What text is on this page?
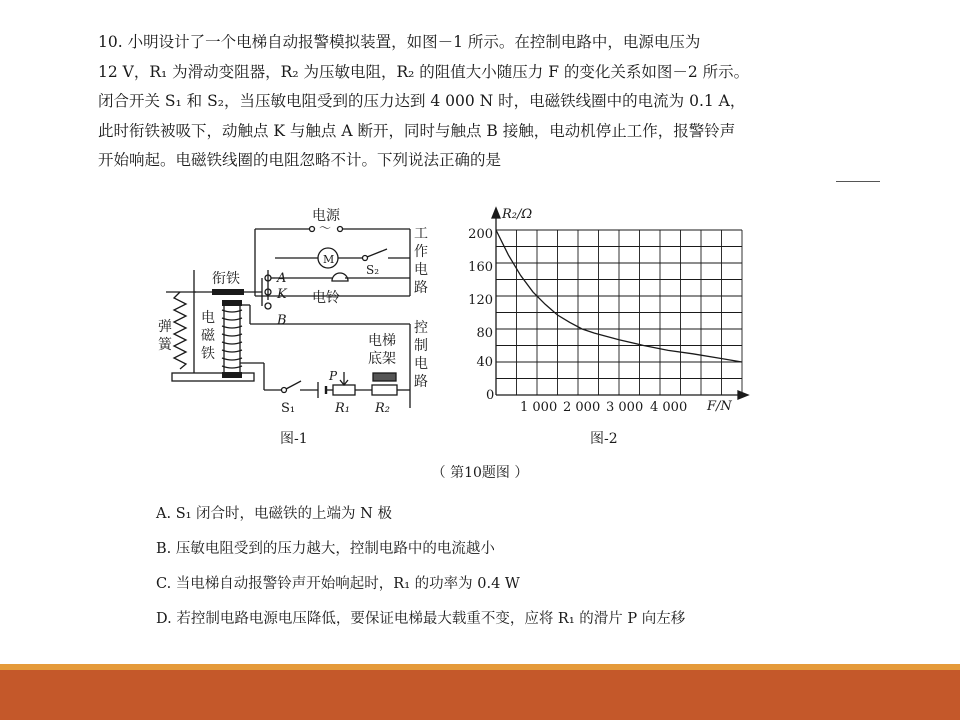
10. 小明设计了一个电梯自动报警模拟装置，如图－1 所示。在控制电路中，电源电压为

12 V，R₁ 为滑动变阻器，R₂ 为压敏电阻，R₂ 的阻值大小随压力 F 的变化关系如图－2 所示。

闭合开关 S₁ 和 S₂，当压敏电阻受到的压力达到 4 000 N 时，电磁铁线圈中的电流为 0.1 A，

此时衔铁被吸下，动触点 K 与触点 A 断开，同时与触点 B 接触，电动机停止工作，报警铃声

开始响起。电磁铁线圈的电阻忽略不计。下列说法正确的是

电源
～	工
作
电
路
衔铁	A
K
B
M
S₂
电铃
弹
簧
电
磁
铁
控
制
电
路
电梯
底架
P
S₁	R₁ R₂
图-1
R₂/Ω
F/N
0
40
80
120
160
200
1 000 2 000 3 000 4 000
图-2
（ 第10题图 ）
A. S₁ 闭合时，电磁铁的上端为 N 极
B. 压敏电阻受到的压力越大，控制电路中的电流越小
C. 当电梯自动报警铃声开始响起时，R₁ 的功率为 0.4 W
D. 若控制电路电源电压降低，要保证电梯最大载重不变，应将 R₁ 的滑片 P 向左移
